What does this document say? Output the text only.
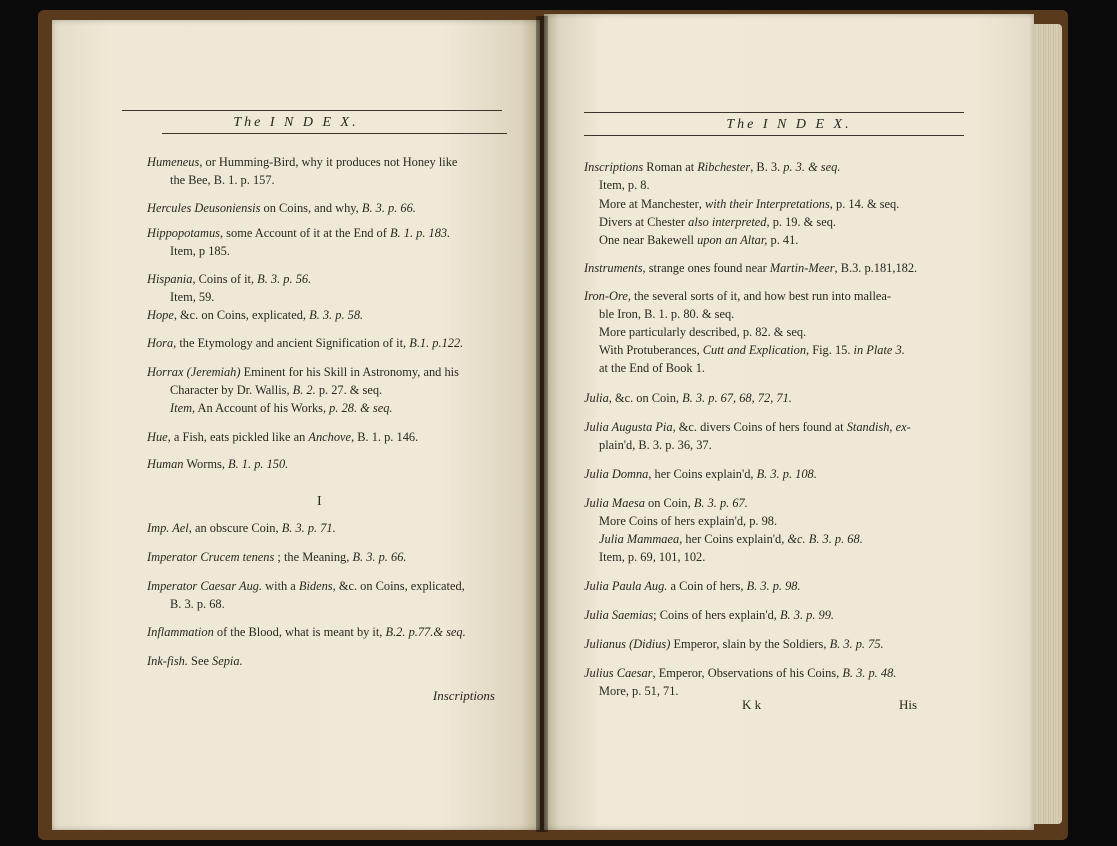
The I N D E X.
Humeneus, or Humming-Bird, why it produces not Honey like
the Bee, B. 1. p. 157.
Hercules Deusoniensis on Coins, and why, B. 3. p. 66.
Hippopotamus, some Account of it at the End of B. 1. p. 183.
Item, p 185.
Hispania, Coins of it, B. 3. p. 56.
Item, 59.
Hope, &c. on Coins, explicated, B. 3. p. 58.
Hora, the Etymology and ancient Signification of it, B.1. p.122.
Horrax (Jeremiah) Eminent for his Skill in Astronomy, and his
Character by Dr. Wallis, B. 2. p. 27. & seq.
Item, An Account of his Works, p. 28. & seq.
Hue, a Fish, eats pickled like an Anchove, B. 1. p. 146.
Human Worms, B. 1. p. 150.
I
Imp. Ael, an obscure Coin, B. 3. p. 71.
Imperator Crucem tenens ; the Meaning, B. 3. p. 66.
Imperator Caesar Aug. with a Bidens, &c. on Coins, explicated,
B. 3. p. 68.
Inflammation of the Blood, what is meant by it, B.2. p.77.& seq.
Ink-fish. See Sepia.
Inscriptions
The I N D E X.
Inscriptions Roman at Ribchester, B. 3. p. 3. & seq.
Item, p. 8.
More at Manchester, with their Interpretations, p. 14. & seq.
Divers at Chester also interpreted, p. 19. & seq.
One near Bakewell upon an Altar, p. 41.
Instruments, strange ones found near Martin-Meer, B.3. p.181,182.
Iron-Ore, the several sorts of it, and how best run into mallea-
ble Iron, B. 1. p. 80. & seq.
More particularly described, p. 82. & seq.
With Protuberances, Cutt and Explication, Fig. 15. in Plate 3.
at the End of Book 1.
Julia, &c. on Coin, B. 3. p. 67, 68, 72, 71.
Julia Augusta Pia, &c. divers Coins of hers found at Standish, ex-
plain'd, B. 3. p. 36, 37.
Julia Domna, her Coins explain'd, B. 3. p. 108.
Julia Maesa on Coin, B. 3. p. 67.
More Coins of hers explain'd, p. 98.
Julia Mammaea, her Coins explain'd, &c. B. 3. p. 68.
Item, p. 69, 101, 102.
Julia Paula Aug. a Coin of hers, B. 3. p. 98.
Julia Saemias; Coins of hers explain'd, B. 3. p. 99.
Julianus (Didius) Emperor, slain by the Soldiers, B. 3. p. 75.
Julius Caesar, Emperor, Observations of his Coins, B. 3. p. 48.
More, p. 51, 71.
K k	His
